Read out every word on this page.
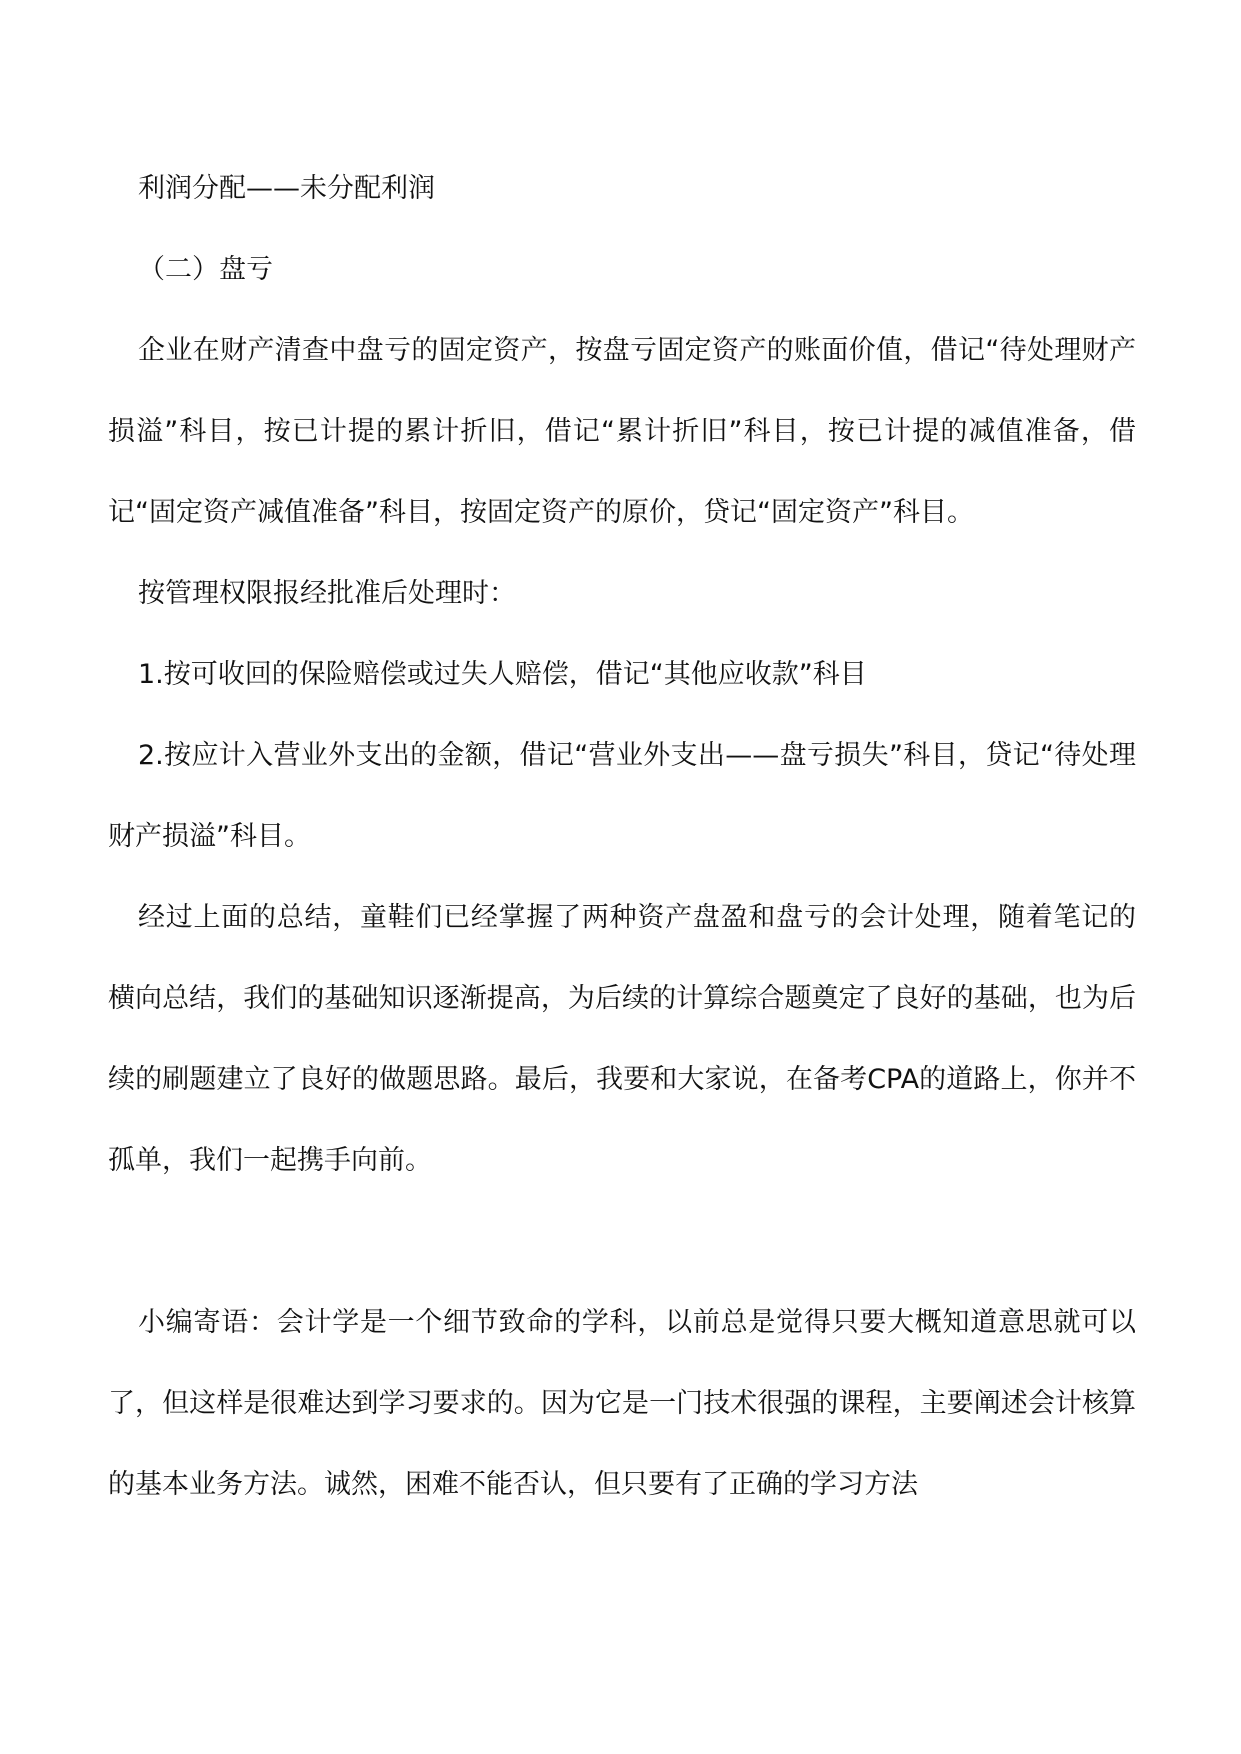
利润分配——未分配利润

（二）盘亏

企业在财产清查中盘亏的固定资产，按盘亏固定资产的账面价值，借记“待处理财产损溢”科目，按已计提的累计折旧，借记“累计折旧”科目，按已计提的减值准备，借记“固定资产减值准备”科目，按固定资产的原价，贷记“固定资产”科目。

按管理权限报经批准后处理时：

1.按可收回的保险赔偿或过失人赔偿，借记“其他应收款”科目

2.按应计入营业外支出的金额，借记“营业外支出——盘亏损失”科目，贷记“待处理财产损溢”科目。

经过上面的总结，童鞋们已经掌握了两种资产盘盈和盘亏的会计处理，随着笔记的横向总结，我们的基础知识逐渐提高，为后续的计算综合题奠定了良好的基础，也为后续的刷题建立了良好的做题思路。最后，我要和大家说，在备考CPA的道路上，你并不孤单，我们一起携手向前。

小编寄语：会计学是一个细节致命的学科，以前总是觉得只要大概知道意思就可以了，但这样是很难达到学习要求的。因为它是一门技术很强的课程，主要阐述会计核算的基本业务方法。诚然，困难不能否认，但只要有了正确的学习方法
